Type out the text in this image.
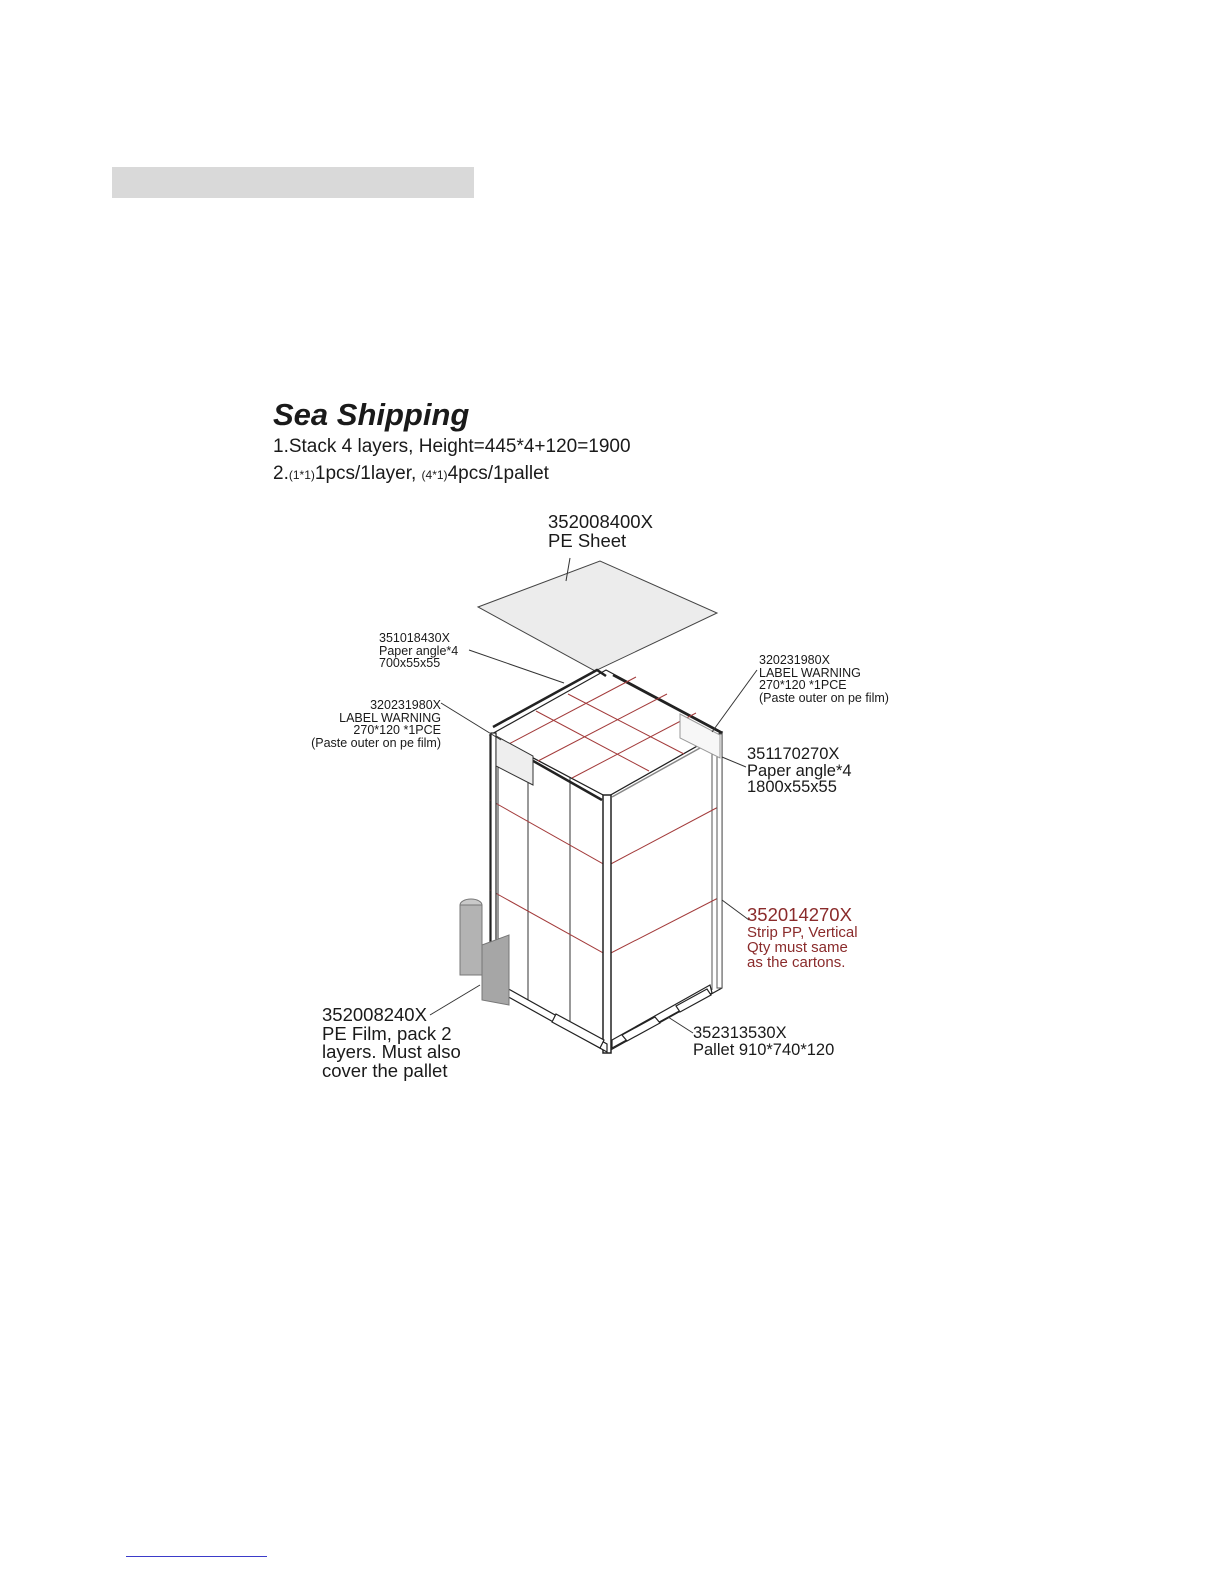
Sea Shipping
1.Stack 4 layers, Height=445*4+120=1900
2.(1*1)1pcs/1layer, (4*1)4pcs/1pallet
352008400X
PE Sheet
351018430X
Paper angle*4
700x55x55
320231980X
LABEL WARNING
270*120 *1PCE
(Paste outer on pe film)
320231980X
LABEL WARNING
270*120 *1PCE
(Paste outer on pe film)
351170270X
Paper angle*4
1800x55x55
352014270X
Strip PP, Vertical
Qty must same
as the cartons.
352008240X
PE Film, pack 2
layers. Must also
cover the pallet
352313530X
Pallet 910*740*120
